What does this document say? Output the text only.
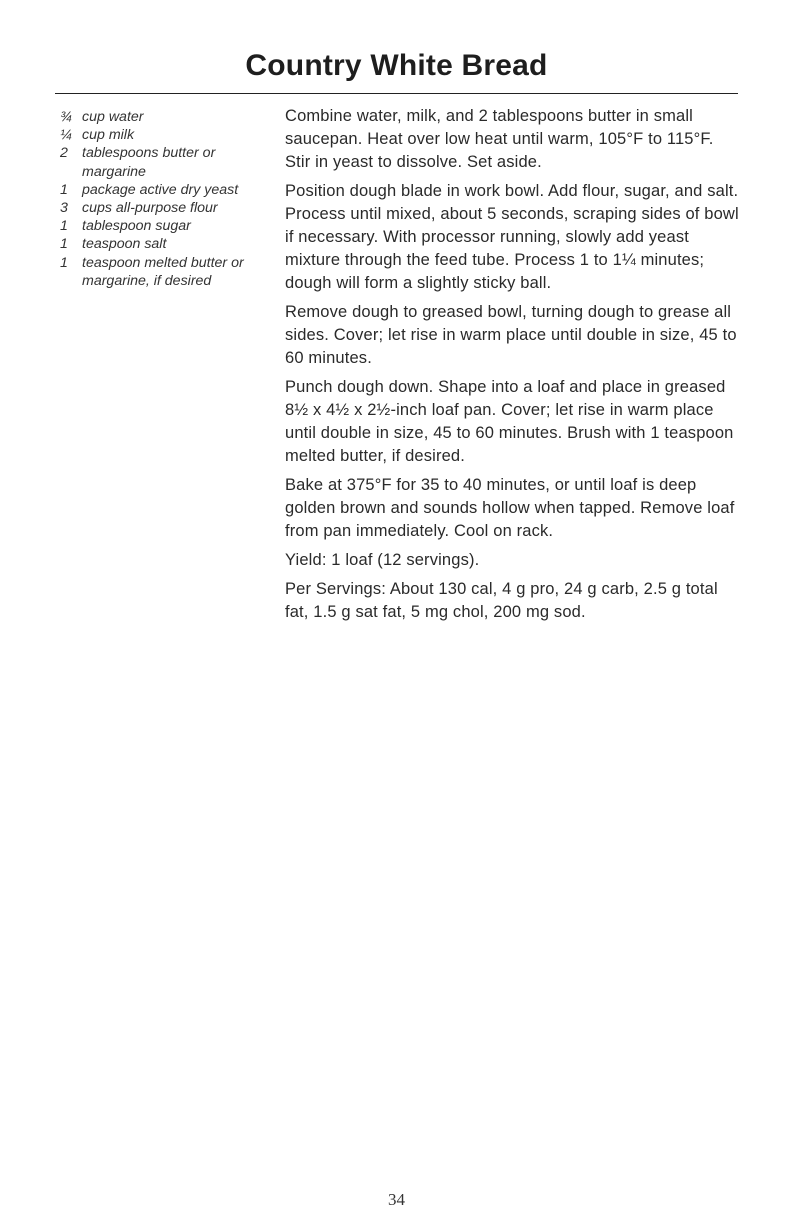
Country White Bread
¾ cup water
¼ cup milk
2 tablespoons butter or margarine
1 package active dry yeast
3 cups all-purpose flour
1 tablespoon sugar
1 teaspoon salt
1 teaspoon melted butter or margarine, if desired

Combine water, milk, and 2 tablespoons butter in small saucepan. Heat over low heat until warm, 105°F to 115°F. Stir in yeast to dissolve. Set aside.

Position dough blade in work bowl. Add flour, sugar, and salt. Process until mixed, about 5 seconds, scraping sides of bowl if necessary. With processor running, slowly add yeast mixture through the feed tube. Process 1 to 1¼ minutes; dough will form a slightly sticky ball.

Remove dough to greased bowl, turning dough to grease all sides. Cover; let rise in warm place until double in size, 45 to 60 minutes.

Punch dough down. Shape into a loaf and place in greased 8½ x 4½ x 2½-inch loaf pan. Cover; let rise in warm place until double in size, 45 to 60 minutes. Brush with 1 teaspoon melted butter, if desired.

Bake at 375°F for 35 to 40 minutes, or until loaf is deep golden brown and sounds hollow when tapped. Remove loaf from pan immediately. Cool on rack.

Yield: 1 loaf (12 servings).

Per Servings: About 130 cal, 4 g pro, 24 g carb, 2.5 g total fat, 1.5 g sat fat, 5 mg chol, 200 mg sod.

34
